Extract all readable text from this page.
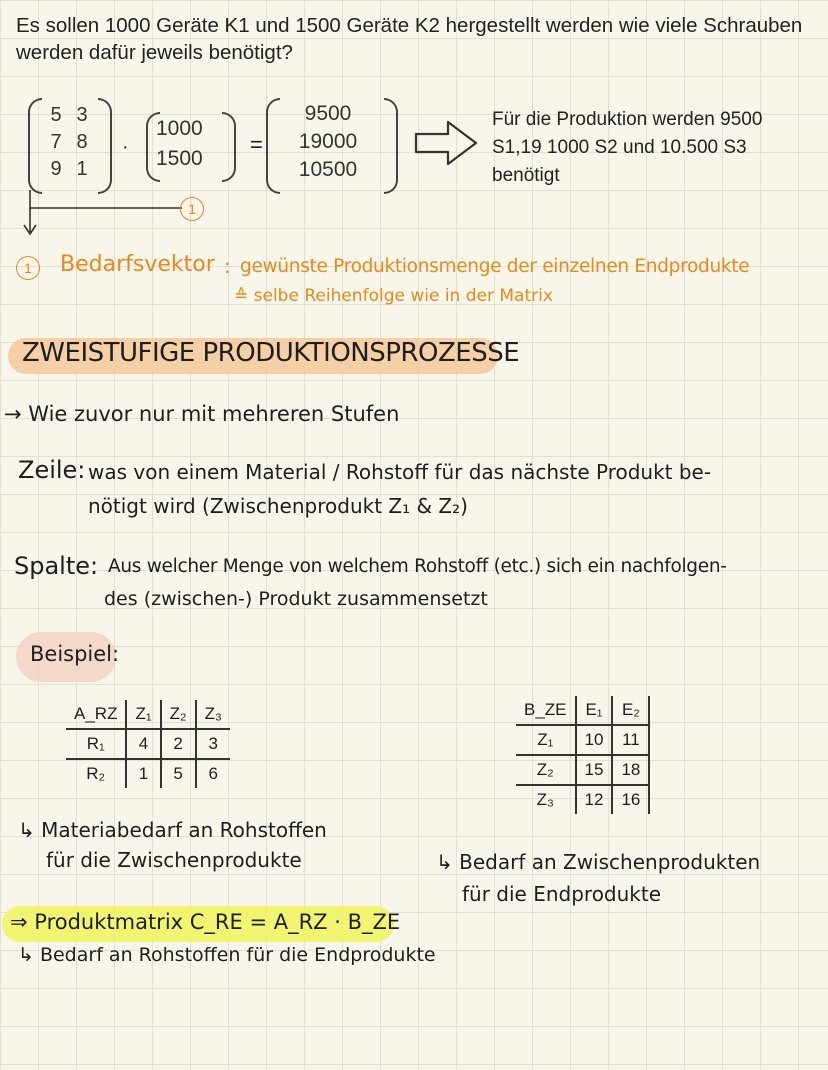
Es sollen 1000 Geräte K1 und 1500 Geräte K2 hergestellt werden wie viele Schrauben werden dafür jeweils benötigt?
5 3
7 8
9 1
·
1000
1500
=
9500
19000
10500
Für die Produktion werden 9500 S1,19 1000 S2 und 10.500 S3 benötigt
1
1	Bedarfsvektor : gewünste Produktionsmenge der einzelnen Endprodukte
≙ selbe Reihenfolge wie in der Matrix
ZWEISTUFIGE PRODUKTIONSPROZESSE
→ Wie zuvor nur mit mehreren Stufen
Zeile: was von einem Material / Rohstoff für das nächste Produkt be-
nötigt wird (Zwischenprodukt Z₁ & Z₂)
Spalte: Aus welcher Menge von welchem Rohstoff (etc.) sich ein nachfolgen-
des (zwischen-) Produkt zusammensetzt
Beispiel:
A_RZ	Z₁	Z₂	Z₃
R₁	4	2	3
R₂	1	5	6
↳ Materiabedarf an Rohstoffen
für die Zwischenprodukte
B_ZE	E₁	E₂
Z₁	10	11
Z₂	15	18
Z₃	12	16
↳ Bedarf an Zwischenprodukten
für die Endprodukte
⇒ Produktmatrix C_RE = A_RZ · B_ZE
↳ Bedarf an Rohstoffen für die Endprodukte
